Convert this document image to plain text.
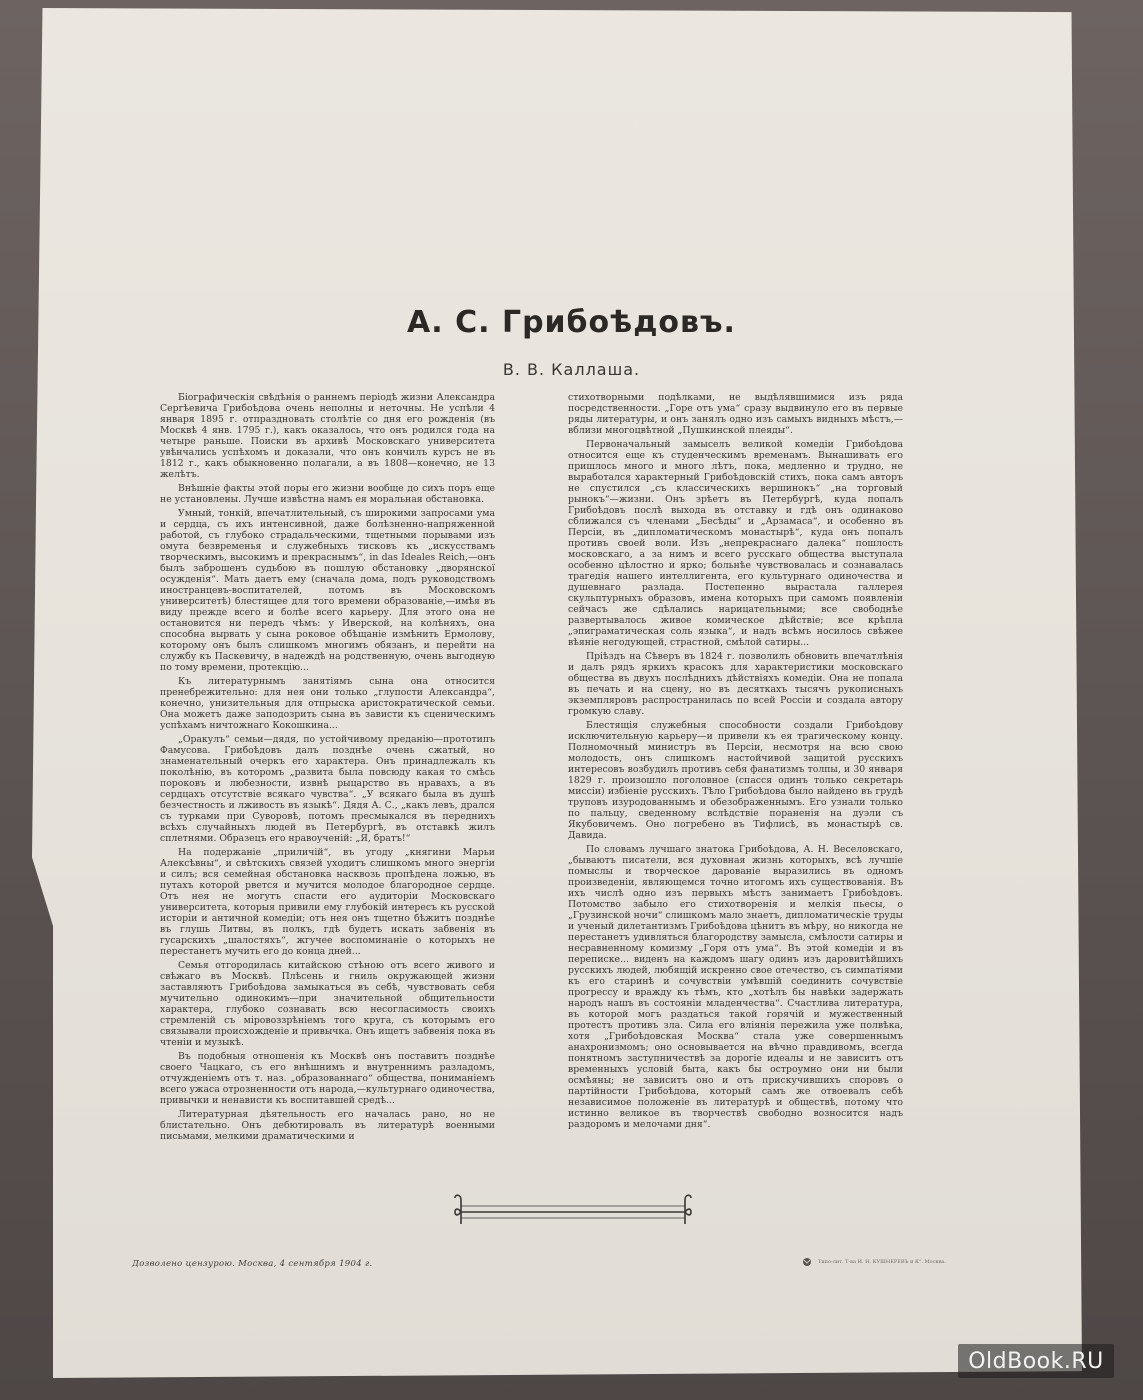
А. С. Грибоѣдовъ.
В. В. Каллаша.

Біографическія свѣдѣнія о раннемъ періодѣ жизни Александра Сергѣевича Грибоѣдова очень неполны и неточны. Не успѣли 4 января 1895 г. отпраздновать столѣтіе со дня его рожденія (въ Москвѣ 4 янв. 1795 г.), какъ оказалось, что онъ родился года на четыре раньше. Поиски въ архивѣ Московскаго университета увѣнчались успѣхомъ и доказали, что онъ кончилъ курсъ не въ 1812 г., какъ обыкновенно полагали, а въ 1808—конечно, не 13 желѣтъ.

Внѣшніе факты этой поры его жизни вообще до сихъ поръ еще не установлены. Лучше извѣстна намъ ея моральная обстановка.

Умный, тонкій, впечатлительный, съ широкими запросами ума и сердца, съ ихъ интенсивной, даже болѣзненно-напряженной работой, съ глубоко страдальческими, тщетными порывами изъ омута безвременья и служебныхъ тисковъ къ „искусствамъ творческимъ, высокимъ и прекраснымъ“, in das Ideales Reich,—онъ былъ заброшенъ судьбою въ пошлую обстановку „дворянскої осужденія“. Мать даетъ ему (сначала дома, подъ руководствомъ иностранцевъ-воспитателей, потомъ въ Московскомъ университетѣ) блестящее для того времени образованіе,—имѣя въ виду прежде всего и болѣе всего карьеру. Для этого она не остановится ни передъ чѣмъ: у Иверской, на колѣняхъ, она способна вырвать у сына роковое обѣщаніе измѣнить Ермолову, которому онъ былъ слишкомъ многимъ обязанъ, и перейти на службу къ Паскевичу, в надеждѣ на родственную, очень выгодную по тому времени, протекцію...

Къ литературнымъ занятіямъ сына она относится пренебрежительно: для нея они только „глупости Александра“, конечно, унизительныя для отпрыска аристократической семьи. Она можетъ даже заподозрить сына въ зависти къ сценическимъ успѣхамъ ничтожнаго Кокошкина...

„Оракулъ“ семьи—дядя, по устойчивому преданію—прототипъ Фамусова. Грибоѣдовъ далъ позднѣе очень сжатый, но знаменательный очеркъ его характера. Онъ принадлежалъ къ поколѣнію, въ которомъ „развита была повсюду какая то смѣсь пороковъ и любезности, извнѣ рыцарство въ нравахъ, а въ сердцахъ отсутствіе всякаго чувства“. „У всякаго была въ душѣ безчестность и лживость въ языкѣ“. Дядя А. С., „какъ левъ, дрался съ турками при Суворовѣ, потомъ пресмыкался въ переднихъ всѣхъ случайныхъ людей въ Петербургѣ, въ отставкѣ жилъ сплетнями. Образецъ его нравоученій: „Я, братъ!“

На подержаніе „приличій“, въ угоду „княгини Марьи Алексѣвны“, и свѣтскихъ связей уходитъ слишкомъ много энергіи и силъ; вся семейная обстановка насквозь пропѣдена ложью, въ путахъ которой рвется и мучится молодое благородное сердце. Отъ нея не могутъ спасти его аудиторіи Московскаго университета, которыя привили ему глубокій интересъ къ русской исторіи и античной комедіи; отъ нея онъ тщетно бѣжитъ позднѣе въ глушь Литвы, въ полкъ, гдѣ будетъ искать забвенія въ гусарскихъ „шалостяхъ“, жгучее воспоминаніе о которыхъ не перестанетъ мучить его до конца дней...

Семья отгородилась китайскою стѣною отъ всего живого и свѣжаго въ Москвѣ. Плѣсень и гниль окружающей жизни заставляютъ Грибоѣдова замыкаться въ себѣ, чувствовать себя мучительно одинокимъ—при значительной общительности характера, глубоко сознавать всю несогласимость своихъ стремленій съ міровоззрѣніемъ того круга, съ которымъ его связывали происхожденіе и привычка. Онъ ищетъ забвенія пока въ чтеніи и музыкѣ.

Въ подобныя отношенія къ Москвѣ онъ поставитъ позднѣе своего Чацкаго, съ его внѣшнимъ и внутреннимъ разладомъ, отчужденіемъ отъ т. наз. „образованнаго“ общества, пониманіемъ всего ужаса отрозненности отъ народа,—культурнаго одиночества, привычки и ненависти къ воспитавшей средѣ...

Литературная дѣятельность его началась рано, но не блистательно. Онъ дебютировалъ въ литературѣ военными письмами, мелкими драматическими и

стихотворными подѣлками, не выдѣлявшимися изъ ряда посредственности. „Горе отъ ума“ сразу выдвинуло его въ первые ряды литературы, и онъ занялъ одно изъ самыхъ видныхъ мѣстъ,—вблизи многоцвѣтной „Пушкинской плеяды“.

Первоначальный замыселъ великой комедіи Грибоѣдова относится еще къ студенческимъ временамъ. Вынашивать его пришлось много и много лѣтъ, пока, медленно и трудно, не выработался характерный Грибоѣдовскій стихъ, пока самъ авторъ не спустился „съ классическихъ вершинокъ“ „на торговый рынокъ“—жизни. Онъ зрѣетъ въ Петербургѣ, куда попалъ Грибоѣдовъ послѣ выхода въ отставку и гдѣ онъ одинаково сближался съ членами „Бесѣды“ и „Арзамаса“, и особенно въ Персіи, въ „дипломатическомъ монастырѣ“, куда онъ попалъ противъ своей воли. Изъ „непрекраснаго далека“ пошлость московскаго, а за нимъ и всего русскаго общества выступала особенно цѣлостно и ярко; больнѣе чувствовалась и сознавалась трагедія нашего интеллигента, его культурнаго одиночества и душевнаго разлада. Постепенно вырастала галлерея скульптурныхъ образовъ, имена которыхъ при самомъ появленіи сейчасъ же сдѣлались нарицательными; все свободнѣе развертывалось живое комическое дѣйствіе; все крѣпла „эпиграматическая соль языка“, и надъ всѣмъ носилось свѣжее вѣяніе негодующей, страстной, смѣлой сатиры...

Пріѣздъ на Сѣверъ въ 1824 г. позволилъ обновить впечатлѣнія и далъ рядъ яркихъ красокъ для характеристики московскаго общества въ двухъ послѣднихъ дѣйствіяхъ комедіи. Она не попала въ печать и на сцену, но въ десяткахъ тысячъ рукописныхъ экземпляровъ распространилась по всей Россіи и создала автору громкую славу.

Блестящія служебныя способности создали Грибоѣдову исключительную карьеру—и привели къ ея трагическому концу. Полномочный министръ въ Персіи, несмотря на всю свою молодость, онъ слишкомъ настойчивой защитой русскихъ интересовъ возбудилъ противъ себя фанатизмъ толпы, и 30 января 1829 г. произошло поголовное (спасся одинъ только секретарь миссіи) избіеніе русскихъ. Тѣло Грибоѣдова было найдено въ грудѣ труповъ изуродованнымъ и обезображеннымъ. Его узнали только по пальцу, сведенному вслѣдствіе пораненія на дуэли съ Якубовичемъ. Оно погребено въ Тифлисѣ, въ монастырѣ св. Давида.

По словамъ лучшаго знатока Грибоѣдова, А. Н. Веселовскаго, „бываютъ писатели, вся духовная жизнь которыхъ, всѣ лучшіе помыслы и творческое дарованіе выразились въ одномъ произведеніи, являющемся точно итогомъ ихъ существованія. Въ ихъ числѣ одно изъ первыхъ мѣстъ занимаетъ Грибоѣдовъ. Потомство забыло его стихотворенія и мелкія пьесы, о „Грузинской ночи“ слишкомъ мало знаетъ, дипломатическіе труды и ученый дилетантизмъ Грибоѣдова цѣнитъ въ мѣру, но никогда не перестанетъ удивляться благородству замысла, смѣлости сатиры и несравненному комизму „Горя отъ ума“. Въ этой комедіи и въ переписке... виденъ на каждомъ шагу одинъ изъ даровитѣйшихъ русскихъ людей, любящій искренно свое отечество, съ симпатіями къ его старинѣ и сочувствіи умѣвшій соединить сочувствіе прогрессу и вражду къ тѣмъ, кто „хотѣлъ бы навѣки задержать народъ нашъ въ состояніи младенчества“. Счастлива литература, въ которой могъ раздаться такой горячій и мужественный протестъ противъ зла. Сила его вліянія пережила уже полвѣка, хотя „Грибоѣдовская Москва“ стала уже совершеннымъ анахронизмомъ; оно основывается на вѣчно правдивомъ, всегда понятномъ заступничествѣ за дорогіе идеалы и не зависитъ отъ временныхъ условій быта, какъ бы остроумно они ни были осмѣяны; не зависитъ оно и отъ прискучившихъ споровъ о партійности Грибоѣдова, который самъ же отвоевалъ себѣ независимое положеніе въ литературѣ и обществѣ, потому что истинно великое въ творчествѣ свободно возносится надъ раздоромъ и мелочами дня“.

Дозволено цензурою. Москва, 4 сентября 1904 г.	Типо-лит. Т-ва И. Н. КУШНЕРЕВЪ и К°. Москва.
OldBook.RU
